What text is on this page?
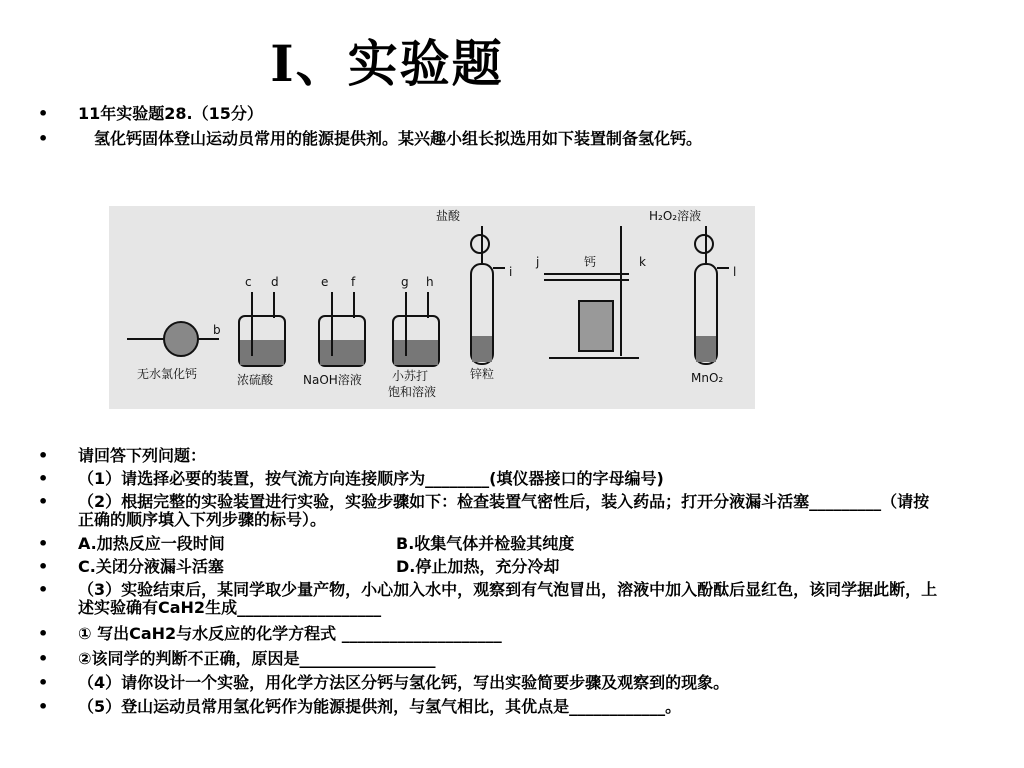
Ⅰ、实验题
• 11年实验题28.（15分）
• 　氢化钙固体登山运动员常用的能源提供剂。某兴趣小组长拟选用如下装置制备氢化钙。
b
无水氯化钙
c d
浓硫酸
e f
NaOH溶液
g h
小苏打
饱和溶液
盐酸
i
锌粒
j	钙	k
H₂O₂溶液
l
MnO₂
• 请回答下列问题：
• （1）请选择必要的装置，按气流方向连接顺序为________(填仪器接口的字母编号)
• （2）根据完整的实验装置进行实验，实验步骤如下：检查装置气密性后，装入药品；打开分液漏斗活塞_________（请按正确的顺序填入下列步骤的标号）。
• A.加热反应一段时间	B.收集气体并检验其纯度
• C.关闭分液漏斗活塞	D.停止加热，充分冷却
• （3）实验结束后，某同学取少量产物，小心加入水中，观察到有气泡冒出，溶液中加入酚酞后显红色，该同学据此断，上述实验确有CaH2生成__________________
• ① 写出CaH2与水反应的化学方程式 ____________________
• ②该同学的判断不正确，原因是_________________
• （4）请你设计一个实验，用化学方法区分钙与氢化钙，写出实验简要步骤及观察到的现象。
• （5）登山运动员常用氢化钙作为能源提供剂，与氢气相比，其优点是____________。
